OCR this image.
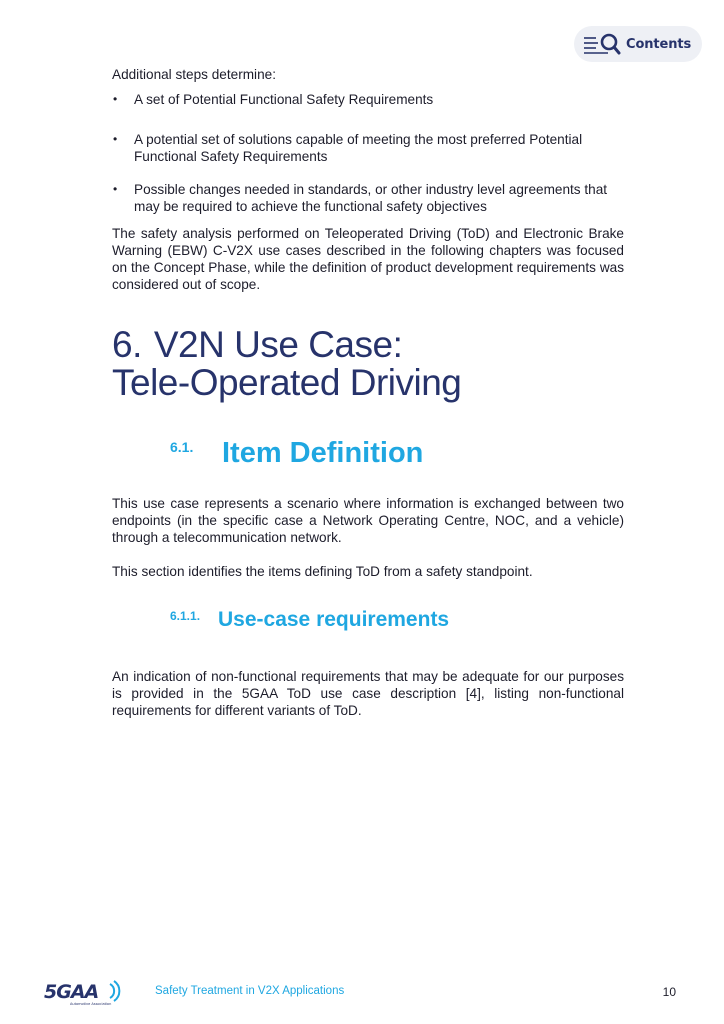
Contents

Additional steps determine:

• A set of Potential Functional Safety Requirements
• A potential set of solutions capable of meeting the most preferred Potential Functional Safety Requirements
• Possible changes needed in standards, or other industry level agreements that may be required to achieve the functional safety objectives

The safety analysis performed on Teleoperated Driving (ToD) and Electronic Brake Warning (EBW) C-V2X use cases described in the following chapters was focused on the Concept Phase, while the definition of product development requirements was considered out of scope.

6. V2N Use Case:
Tele-Operated Driving
6.1. Item Definition

This use case represents a scenario where information is exchanged between two endpoints (in the specific case a Network Operating Centre, NOC, and a vehicle) through a telecommunication network.

This section identifies the items defining ToD from a safety standpoint.

6.1.1. Use-case requirements

An indication of non-functional requirements that may be adequate for our purposes is provided in the 5GAA ToD use case description [4], listing non-functional requirements for different variants of ToD.

5GAA
Automotive Association
Safety Treatment in V2X Applications	10
